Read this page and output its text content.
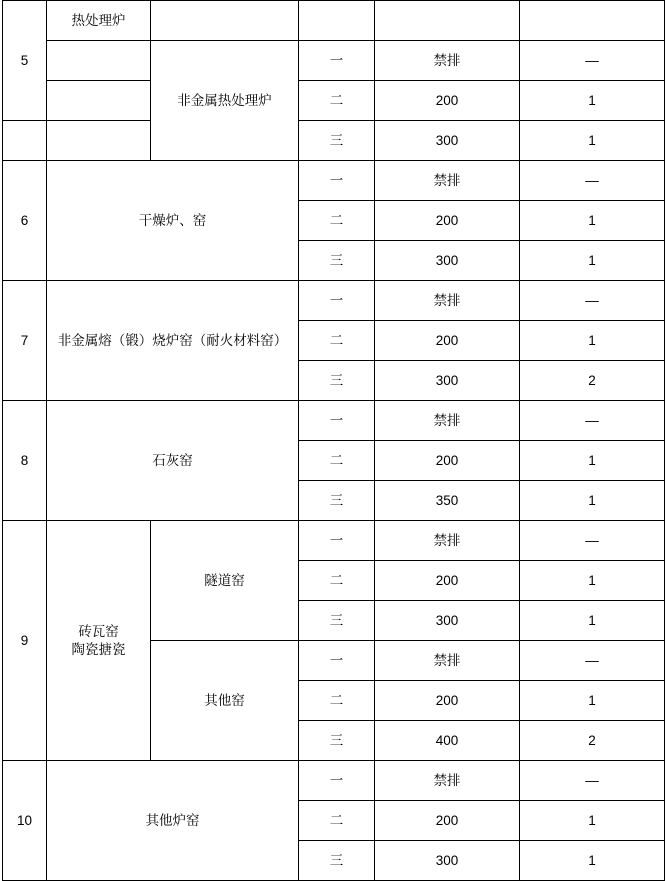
5	热处理炉				
		非金属热处理炉	一	禁排	—
			二	200	1
			三	300	1
6	干燥炉、窑		一	禁排	—
			二	200	1
			三	300	1
7	非金属熔（锻）烧炉窑（耐火材料窑）		一	禁排	—
			二	200	1
			三	300	2
8	石灰窑		一	禁排	—
			二	200	1
			三	350	1
9	砖瓦窑
陶瓷搪瓷	隧道窑	一	禁排	—
			二	200	1
			三	300	1
		其他窑	一	禁排	—
			二	200	1
			三	400	2
10	其他炉窑		一	禁排	—
			二	200	1
			三	300	1
